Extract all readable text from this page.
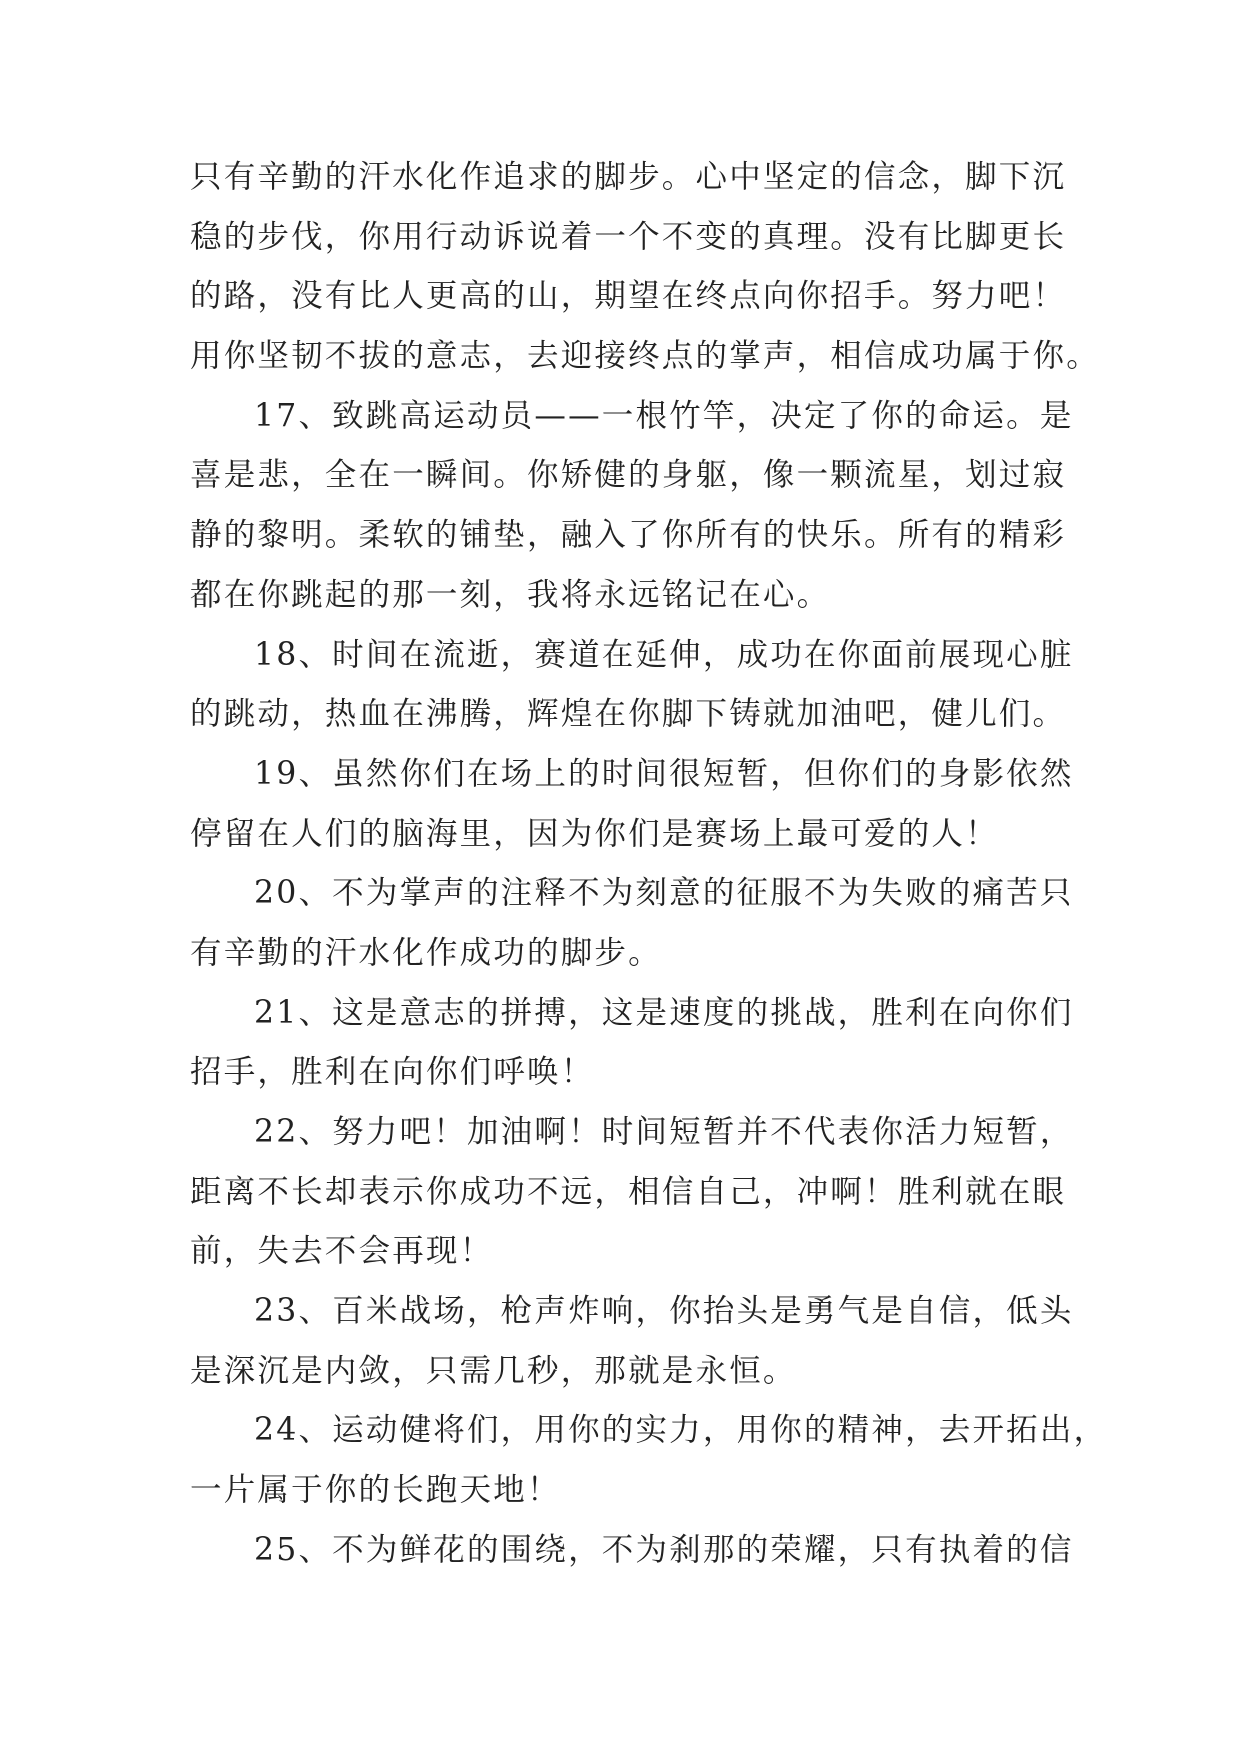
只有辛勤的汗水化作追求的脚步。心中坚定的信念，脚下沉
稳的步伐，你用行动诉说着一个不变的真理。没有比脚更长
的路，没有比人更高的山，期望在终点向你招手。努力吧！
用你坚韧不拔的意志，去迎接终点的掌声，相信成功属于你。
17、致跳高运动员——一根竹竿，决定了你的命运。是
喜是悲，全在一瞬间。你矫健的身躯，像一颗流星，划过寂
静的黎明。柔软的铺垫，融入了你所有的快乐。所有的精彩
都在你跳起的那一刻，我将永远铭记在心。
18、时间在流逝，赛道在延伸，成功在你面前展现心脏
的跳动，热血在沸腾，辉煌在你脚下铸就加油吧，健儿们。
19、虽然你们在场上的时间很短暂，但你们的身影依然
停留在人们的脑海里，因为你们是赛场上最可爱的人！
20、不为掌声的注释不为刻意的征服不为失败的痛苦只
有辛勤的汗水化作成功的脚步。
21、这是意志的拼搏，这是速度的挑战，胜利在向你们
招手，胜利在向你们呼唤！
22、努力吧！加油啊！时间短暂并不代表你活力短暂，
距离不长却表示你成功不远，相信自己，冲啊！胜利就在眼
前，失去不会再现！
23、百米战场，枪声炸响，你抬头是勇气是自信，低头
是深沉是内敛，只需几秒，那就是永恒。
24、运动健将们，用你的实力，用你的精神，去开拓出，
一片属于你的长跑天地！
25、不为鲜花的围绕，不为刹那的荣耀，只有执着的信
